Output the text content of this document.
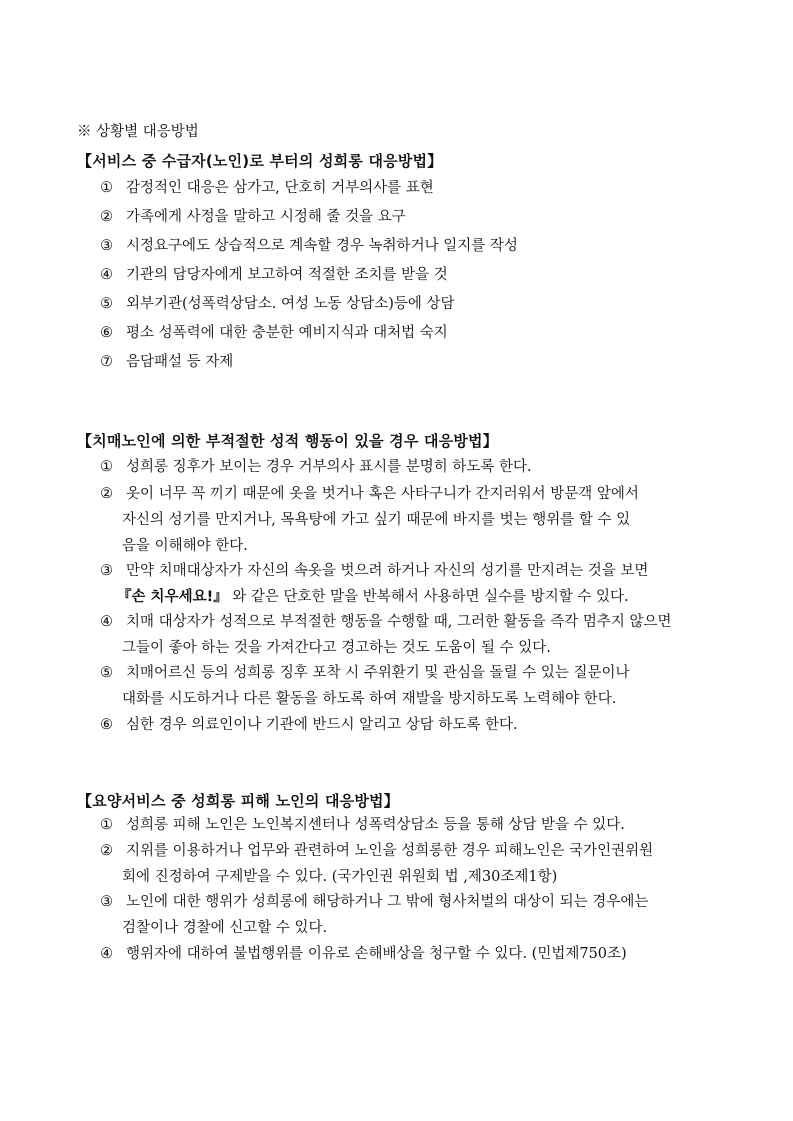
※ 상황별 대응방법
【서비스 중 수급자(노인)로 부터의 성희롱 대응방법】
① 감정적인 대응은 삼가고, 단호히 거부의사를 표현
② 가족에게 사정을 말하고 시정해 줄 것을 요구
③ 시정요구에도 상습적으로 계속할 경우 녹취하거나 일지를 작성
④ 기관의 담당자에게 보고하여 적절한 조치를 받을 것
⑤ 외부기관(성폭력상담소. 여성 노동 상담소)등에 상담
⑥ 평소 성폭력에 대한 충분한 예비지식과 대처법 숙지
⑦ 음담패설 등 자제
【치매노인에 의한 부적절한 성적 행동이 있을 경우 대응방법】
① 성희롱 징후가 보이는 경우 거부의사 표시를 분명히 하도록 한다.
② 옷이 너무 꼭 끼기 때문에 옷을 벗거나 혹은 사타구니가 간지러워서 방문객 앞에서
자신의 성기를 만지거나, 목욕탕에 가고 싶기 때문에 바지를 벗는 행위를 할 수 있
음을 이해해야 한다.
③ 만약 치매대상자가 자신의 속옷을 벗으려 하거나 자신의 성기를 만지려는 것을 보면
『손 치우세요!』 와 같은 단호한 말을 반복해서 사용하면 실수를 방지할 수 있다.
④ 치매 대상자가 성적으로 부적절한 행동을 수행할 때, 그러한 활동을 즉각 멈추지 않으면
그들이 좋아 하는 것을 가져간다고 경고하는 것도 도움이 될 수 있다.
⑤ 치매어르신 등의 성희롱 징후 포착 시 주위환기 및 관심을 돌릴 수 있는 질문이나
대화를 시도하거나 다른 활동을 하도록 하여 재발을 방지하도록 노력해야 한다.
⑥ 심한 경우 의료인이나 기관에 반드시 알리고 상담 하도록 한다.
【요양서비스 중 성희롱 피해 노인의 대응방법】
① 성희롱 피해 노인은 노인복지센터나 성폭력상담소 등을 통해 상담 받을 수 있다.
② 지위를 이용하거나 업무와 관련하여 노인을 성희롱한 경우 피해노인은 국가인권위원
회에 진정하여 구제받을 수 있다. (국가인권 위원회 법 ,제30조제1항)
③ 노인에 대한 행위가 성희롱에 해당하거나 그 밖에 형사처벌의 대상이 되는 경우에는
검찰이나 경찰에 신고할 수 있다.
④ 행위자에 대하여 불법행위를 이유로 손해배상을 청구할 수 있다. (민법제750조)
